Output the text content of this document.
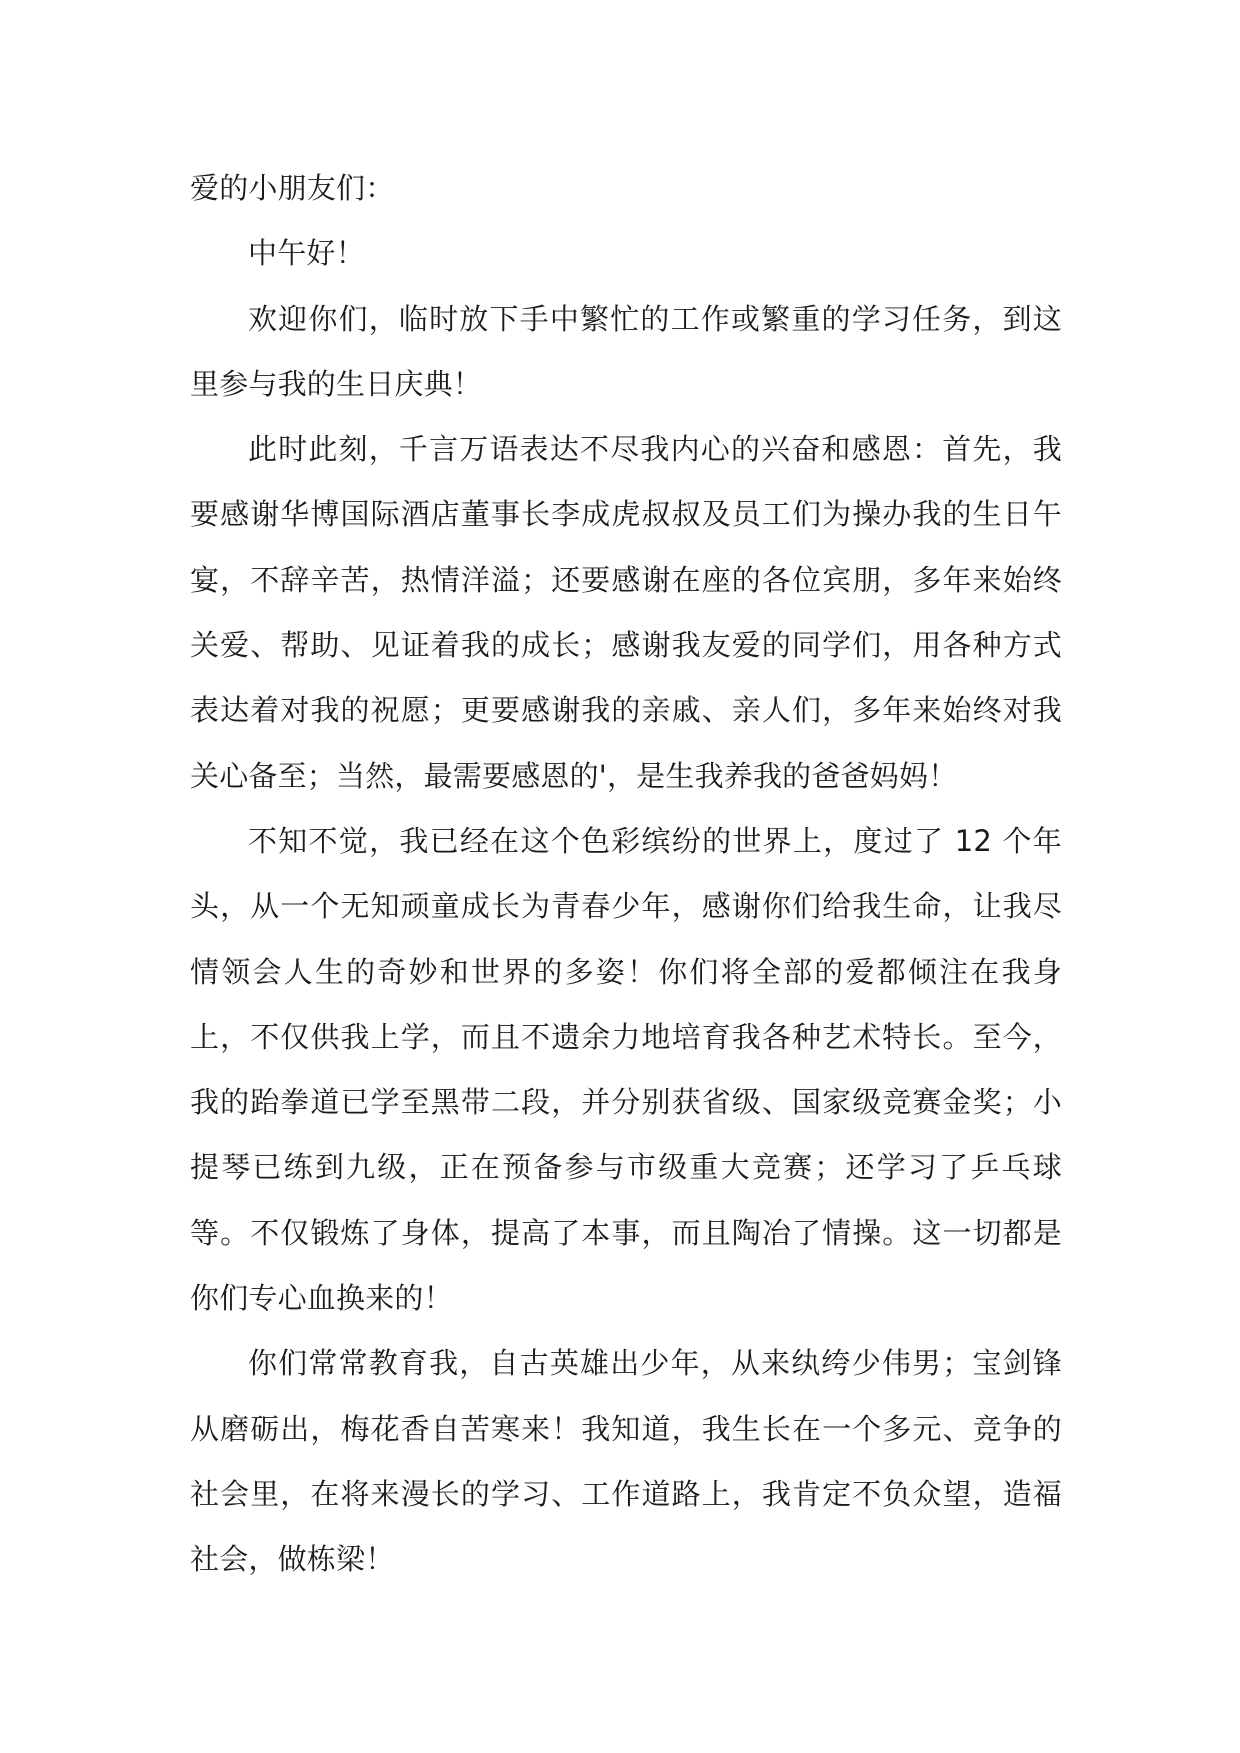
爱的小朋友们：

中午好！

欢迎你们，临时放下手中繁忙的工作或繁重的学习任务，到这里参与我的生日庆典！

此时此刻，千言万语表达不尽我内心的兴奋和感恩：首先，我要感谢华博国际酒店董事长李成虎叔叔及员工们为操办我的生日午宴，不辞辛苦，热情洋溢；还要感谢在座的各位宾朋，多年来始终关爱、帮助、见证着我的成长；感谢我友爱的同学们，用各种方式表达着对我的祝愿；更要感谢我的亲戚、亲人们，多年来始终对我关心备至；当然，最需要感恩的'，是生我养我的爸爸妈妈！

不知不觉，我已经在这个色彩缤纷的世界上，度过了 12 个年头，从一个无知顽童成长为青春少年，感谢你们给我生命，让我尽情领会人生的奇妙和世界的多姿！你们将全部的爱都倾注在我身上，不仅供我上学，而且不遗余力地培育我各种艺术特长。至今，我的跆拳道已学至黑带二段，并分别获省级、国家级竞赛金奖；小提琴已练到九级，正在预备参与市级重大竞赛；还学习了乒乓球等。不仅锻炼了身体，提高了本事，而且陶冶了情操。这一切都是你们专心血换来的！

你们常常教育我，自古英雄出少年，从来纨绔少伟男；宝剑锋从磨砺出，梅花香自苦寒来！我知道，我生长在一个多元、竞争的社会里，在将来漫长的学习、工作道路上，我肯定不负众望，造福社会，做栋梁！
